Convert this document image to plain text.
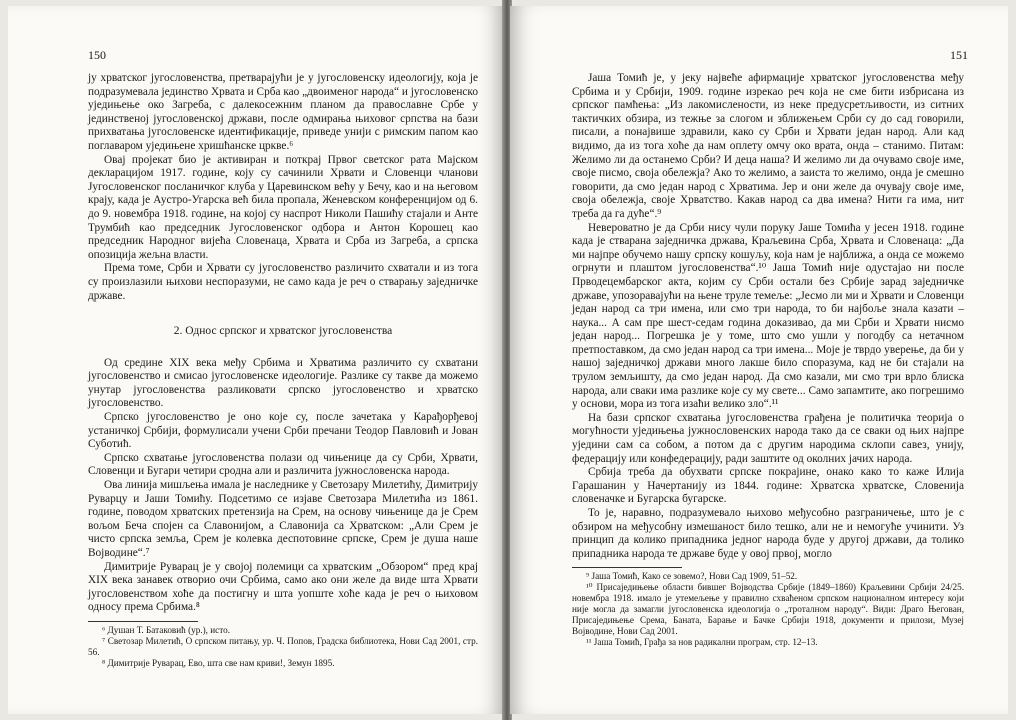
150

ју хрватског југословенства, претварајући је у југословенску идеологију, која је подразумевала јединство Хрвата и Срба као „двоименог народа“ и југословенско уједињење око Загреба, с далекосежним планом да православне Србе у јединственој југословенској држави, после одмирања њиховог српства на бази прихватања југословенске идентификације, приведе унији с римским папом као поглаваром уједињене хришћанске цркве.⁶

Овај пројекат био је активиран и поткрај Првог светског рата Мајском декларацијом 1917. године, коју су сачинили Хрвати и Словенци чланови Југословенског посланичког клуба у Царевинском већу у Бечу, као и на његовом крају, када је Аустро-Угарска већ била пропала, Женевском конференцијом од 6. до 9. новембра 1918. године, на којој су наспрот Николи Пашићу стајали и Анте Трумбић као председник Југословенског одбора и Антон Корошец као председник Народног вијећа Словенаца, Хрвата и Срба из Загреба, а српска опозиција жељна власти.

Према томе, Срби и Хрвати су југословенство различито схватали и из тога су произлазили њихови неспоразуми, не само када је реч о стварању заједничке државе.

2. Однос српског и хрватског југословенства

Од средине XIX века међу Србима и Хрватима различито су схватани југословенство и смисао југословенске идеологије. Разлике су такве да можемо унутар југословенства разликовати српско југословенство и хрватско југословенство.

Српско југословенство је оно које су, после зачетака у Карађорђевој устаничкој Србији, формулисали учени Срби пречани Теодор Павловић и Јован Суботић.

Српско схватање југословенства полази од чињенице да су Срби, Хрвати, Словенци и Бугари четири сродна али и различита јужнословенска народа.

Ова линија мишљења имала је наследнике у Светозару Милетићу, Димитрију Руварцу и Јаши Томићу. Подсетимо се изјаве Светозара Милетића из 1861. године, поводом хрватских претензија на Срем, на основу чињенице да је Срем вољом Беча спојен са Славонијом, а Славонија са Хрватском: „Али Срем је чисто српска земља, Срем је колевка деспотовине српске, Срем је душа наше Војводине“.⁷

Димитрије Руварац је у својој полемици са хрватским „Обзором“ пред крај XIX века занавек отворио очи Србима, само ако они желе да виде шта Хрвати југословенством хоће да постигну и шта уопште хоће када је реч о њиховом односу према Србима.⁸

⁶ Душан Т. Батаковић (ур.), исто.

⁷ Светозар Милетић, О српском питању, ур. Ч. Попов, Градска библиотека, Нови Сад 2001, стр. 56.

⁸ Димитрије Руварац, Ево, шта све нам криви!, Земун 1895.

151

Јаша Томић је, у јеку највеће афирмације хрватског југословенства међу Србима и у Србији, 1909. године изрекао реч која не сме бити избрисана из српског памћења: „Из лакомислености, из неке предусретљивости, из ситних тактичких обзира, из тежње за слогом и зближењем Срби су до сад говорили, писали, а понајвише здравили, како су Срби и Хрвати један народ. Али кад видимо, да из тога хоће да нам оплету омчу око врата, онда – станимо. Питам: Желимо ли да останемо Срби? И деца наша? И желимо ли да очувамо своје име, своје писмо, своја обележја? Ако то желимо, а заиста то желимо, онда је смешно говорити, да смо један народ с Хрватима. Јер и они желе да очувају своје име, своја обележја, своје Хрватство. Какав народ са два имена? Нити га има, нит треба да га дуће“.⁹

Невероватно је да Срби нису чули поруку Јаше Томића у јесен 1918. године када је стварана заједничка држава, Краљевина Срба, Хрвата и Словенаца: „Да ми најпре обучемо нашу српску кошуљу, која нам је најближа, а онда се можемо огрнути и плаштом југословенства“.¹⁰ Јаша Томић није одустајао ни после Прводецембарског акта, којим су Срби остали без Србије зарад заједничке државе, упозоравајући на њене труле темеље: „Јесмо ли ми и Хрвати и Словенци један народ са три имена, или смо три народа, то би најбоље знала казати – наука... А сам пре шест-седам година доказивао, да ми Срби и Хрвати нисмо један народ... Погрешка је у томе, што смо ушли у погодбу са нетачном претпоставком, да смо један народ са три имена... Моје је тврдо уверење, да би у нашој заједничкој држави много лакше било споразума, кад не би стајали на трулом земљишту, да смо један народ. Да смо казали, ми смо три врло блиска народа, али сваки има разлике које су му свете... Само запамтите, ако погрешимо у основи, мора из тога изаћи велико зло“.¹¹

На бази српског схватања југословенства грађена је политичка теорија о могућности уједињења јужнословенских народа тако да се сваки од њих најпре уједини сам са собом, а потом да с другим народима склопи савез, унију, федерацију или конфедерацију, ради заштите од околних јачих народа.

Србија треба да обухвати српске покрајине, онако како то каже Илија Гарашанин у Начертанију из 1844. године: Хрватска хрватске, Словенија словеначке и Бугарска бугарске.

То је, наравно, подразумевало њихово међусобно разграничење, што је с обзиром на међусобну измешаност било тешко, али не и немогуће учинити. Уз принцип да колико припадника једног народа буде у другој држави, да толико припадника народа те државе буде у овој првој, могло

⁹ Јаша Томић, Како се зовемо?, Нови Сад 1909, 51–52.

¹⁰ Присаједињење области бившег Војводства Србије (1849–1860) Краљевини Србији 24/25. новембра 1918. имало је утемељење у правилно схваћеном српском националном интересу који није могла да замагли југословенска идеологија о „троталном народу“. Види: Драго Његован, Присаједињење Срема, Баната, Барање и Бачке Србији 1918, документи и прилози, Музеј Војводине, Нови Сад 2001.

¹¹ Јаша Томић, Грађа за нов радикални програм, стр. 12–13.
